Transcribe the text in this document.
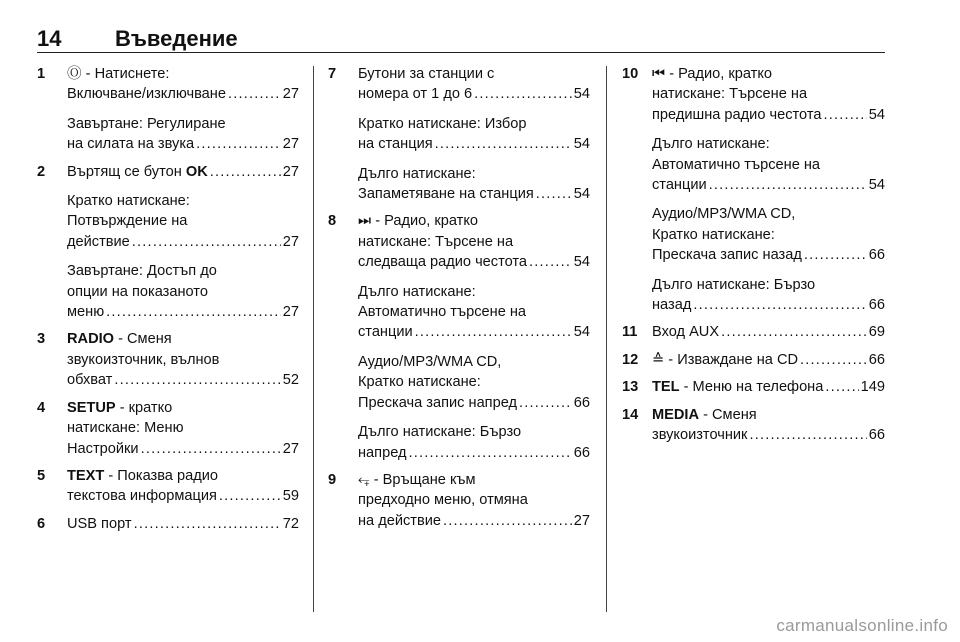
14 Въведение
1 Ⓞ - Натиснете:
Включване/изключване .....	27
Завъртане: Регулиране
на силата на звука .....	27
2 Въртящ се бутон OK .....	27
Кратко натискане:
Потвърждение на
действие .....	27
Завъртане: Достъп до
опции на показаното
меню .....	27
3 RADIO - Сменя
звукоизточник, вълнов
обхват .....	52
4 SETUP - кратко
натискане: Меню
Настройки .....	27
5 TEXT - Показва радио
текстова информация .....	59
6 USB порт .....	72
7 Бутони за станции с
номера от 1 до 6 .....	54
Кратко натискане: Избор
на станция .....	54
Дълго натискане:
Запаметяване на станция .....	54
8 ⏭ - Радио, кратко
натискане: Търсене на
следваща радио честота .....	54
Дълго натискане:
Автоматично търсене на
станции .....	54
Аудио/MP3/WMA CD,
Кратко натискане:
Прескача запис напред .....	66
Дълго натискане: Бързо
напред .....	66
9 ⥆ - Връщане към
предходно меню, отмяна
на действие .....	27
10 ⏮ - Радио, кратко
натискане: Търсене на
предишна радио честота .....	54
Дълго натискане:
Автоматично търсене на
станции .....	54
Аудио/MP3/WMA CD,
Кратко натискане:
Прескача запис назад .....	66
Дълго натискане: Бързо
назад .....	66
11 Вход AUX .....	69
12 ≙ - Изваждане на CD .....	66
13 TEL - Меню на телефона .....	149
14 MEDIA - Сменя
звукоизточник .....	66
carmanualsonline.info
